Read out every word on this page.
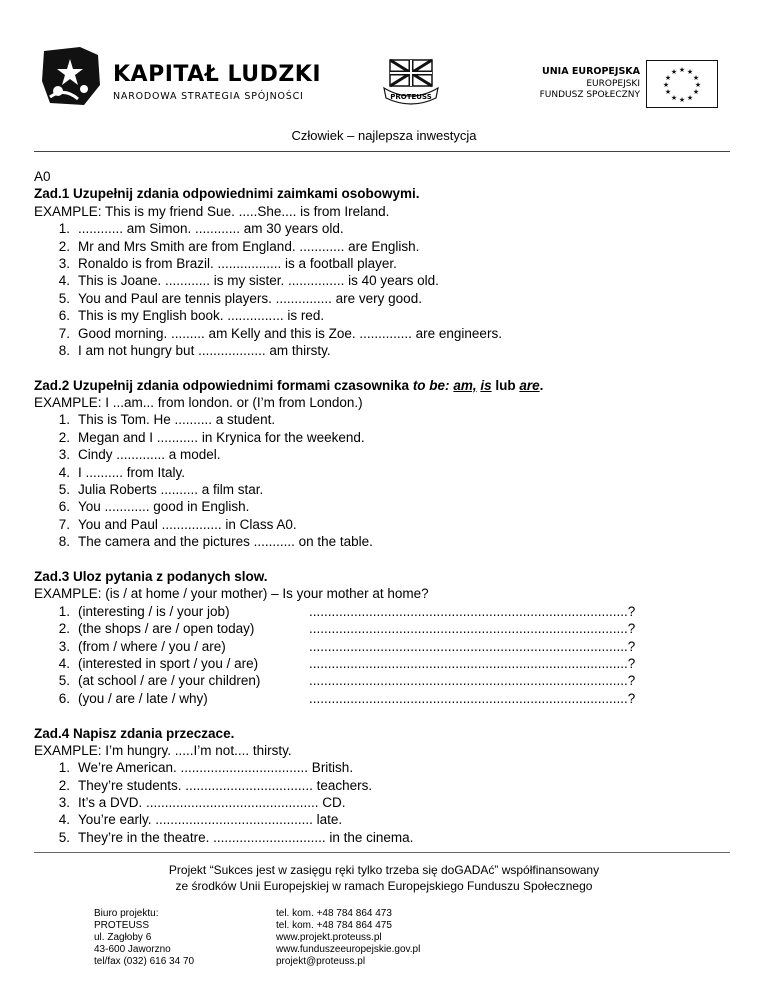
KAPITAŁ LUDZKI
NARODOWA STRATEGIA SPÓJNOŚCI	PROTEUSS
UNIA EUROPEJSKA
EUROPEJSKI
FUNDUSZ SPOŁECZNY
★ ★
★
★
★
★
★
★
★
★
★
★
Człowiek – najlepsza inwestycja
A0
Zad.1 Uzupełnij zdania odpowiednimi zaimkami osobowymi.
EXAMPLE: This is my friend Sue. .....She.... is from Ireland.
1. ............ am Simon. ............ am 30 years old.
2. Mr and Mrs Smith are from England. ............ are English.
3. Ronaldo is from Brazil. ................. is a football player.
4. This is Joane. ............ is my sister. ............... is 40 years old.
5. You and Paul are tennis players. ............... are very good.
6. This is my English book. ............... is red.
7. Good morning. ......... am Kelly and this is Zoe. .............. are engineers.
8. I am not hungry but .................. am thirsty.
Zad.2 Uzupełnij zdania odpowiednimi formami czasownika to be: am, is lub are.
EXAMPLE: I ...am... from london. or (I’m from London.)
1. This is Tom. He .......... a student.
2. Megan and I ........... in Krynica for the weekend.
3. Cindy ............. a model.
4. I .......... from Italy.
5. Julia Roberts .......... a film star.
6. You ............ good in English.
7. You and Paul ................ in Class A0.
8. The camera and the pictures ........... on the table.
Zad.3 Uloz pytania z podanych slow.
EXAMPLE: (is / at home / your mother) – Is your mother at home?
1. (interesting / is / your job)	.....................................................................................?
2. (the shops / are / open today)	.....................................................................................?
3. (from / where / you / are)	.....................................................................................?
4. (interested in sport / you / are)	.....................................................................................?
5. (at school / are / your children)	.....................................................................................?
6. (you / are / late / why)	.....................................................................................?
Zad.4 Napisz zdania przeczace.
EXAMPLE: I’m hungry. .....I’m not.... thirsty.
1. We’re American. .................................. British.
2. They’re students. .................................. teachers.
3. It’s a DVD. .............................................. CD.
4. You’re early. .......................................... late.
5. They’re in the theatre. .............................. in the cinema.
Projekt “Sukces jest w zasięgu ręki tylko trzeba się doGADAć” współfinansowany
ze środków Unii Europejskiej w ramach Europejskiego Funduszu Społecznego
Biuro projektu:
PROTEUSS
ul. Zagłoby 6
43-600 Jaworzno
tel/fax (032) 616 34 70
tel. kom. +48 784 864 473
tel. kom. +48 784 864 475
www.projekt.proteuss.pl
www.funduszeeuropejskie.gov.pl
projekt@proteuss.pl
